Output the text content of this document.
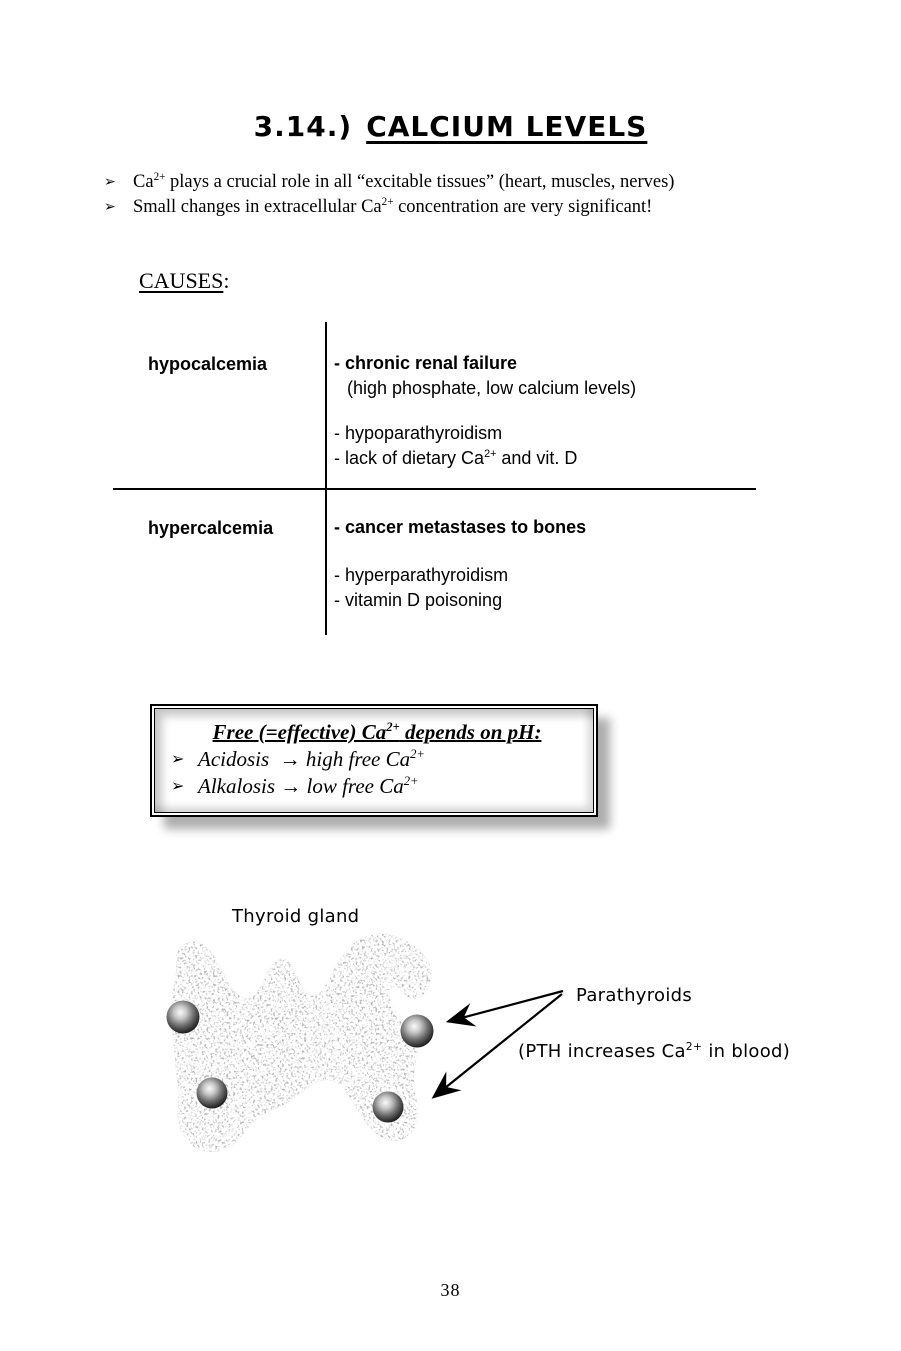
3.14.) CALCIUM LEVELS
➢ $Ca^{2+}$ plays a crucial role in all “excitable tissues” (heart, muscles, nerves)
➢ Small changes in extracellular $Ca^{2+}$ concentration are very significant!
CAUSES:
hypocalcemia	- chronic renal failure
(high phosphate, low calcium levels)
- hypoparathyroidism
- lack of dietary $Ca^{2+}$ and vit. D
hypercalcemia	- cancer metastases to bones
- hyperparathyroidism
- vitamin D poisoning
Free (=effective) $Ca^{2+}$ depends on pH:
➢ Acidosis  → high free $Ca^{2+}$
➢ Alkalosis → low free $Ca^{2+}$
Thyroid gland
Parathyroids
(PTH increases $Ca^{2+}$ in blood)
38
